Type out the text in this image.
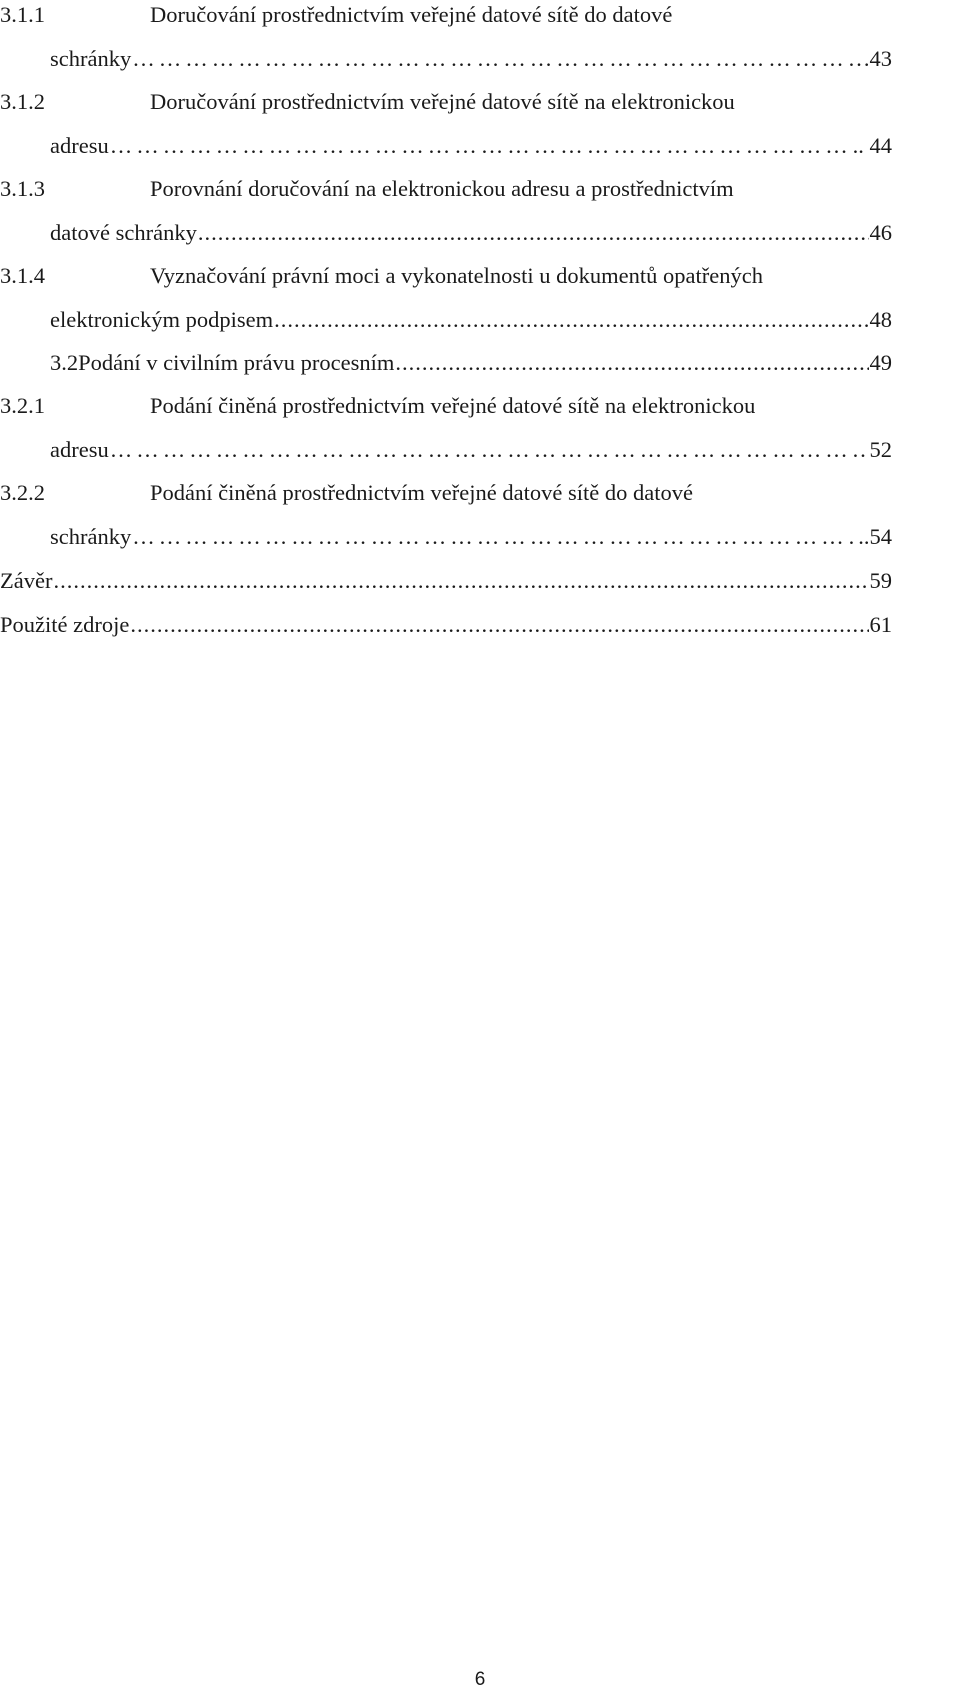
3.1.1	Doručování prostřednictvím veřejné datové sítě do datové
schránky ………………………………………………………………………………………………………………………………………………	.43
3.1.2	Doručování prostřednictvím veřejné datové sítě na elektronickou
adresu ………………………………………………………………………………………………………………………………………………	. 44
3.1.3	Porovnání doručování na elektronickou adresu a prostřednictvím
datové schránky .....	46
3.1.4	Vyznačování právní moci a vykonatelnosti u dokumentů opatřených
elektronickým podpisem .....	48
3.2 Podání v civilním právu procesním .....	49
3.2.1	Podání činěná prostřednictvím veřejné datové sítě na elektronickou
adresu ………………………………………………………………………………………………………………………………………………	52
3.2.2	Podání činěná prostřednictvím veřejné datové sítě do datové
schránky ………………………………………………………………………………………………………………………………………………	..54
Závěr .....	59
Použité zdroje .....	61
6
